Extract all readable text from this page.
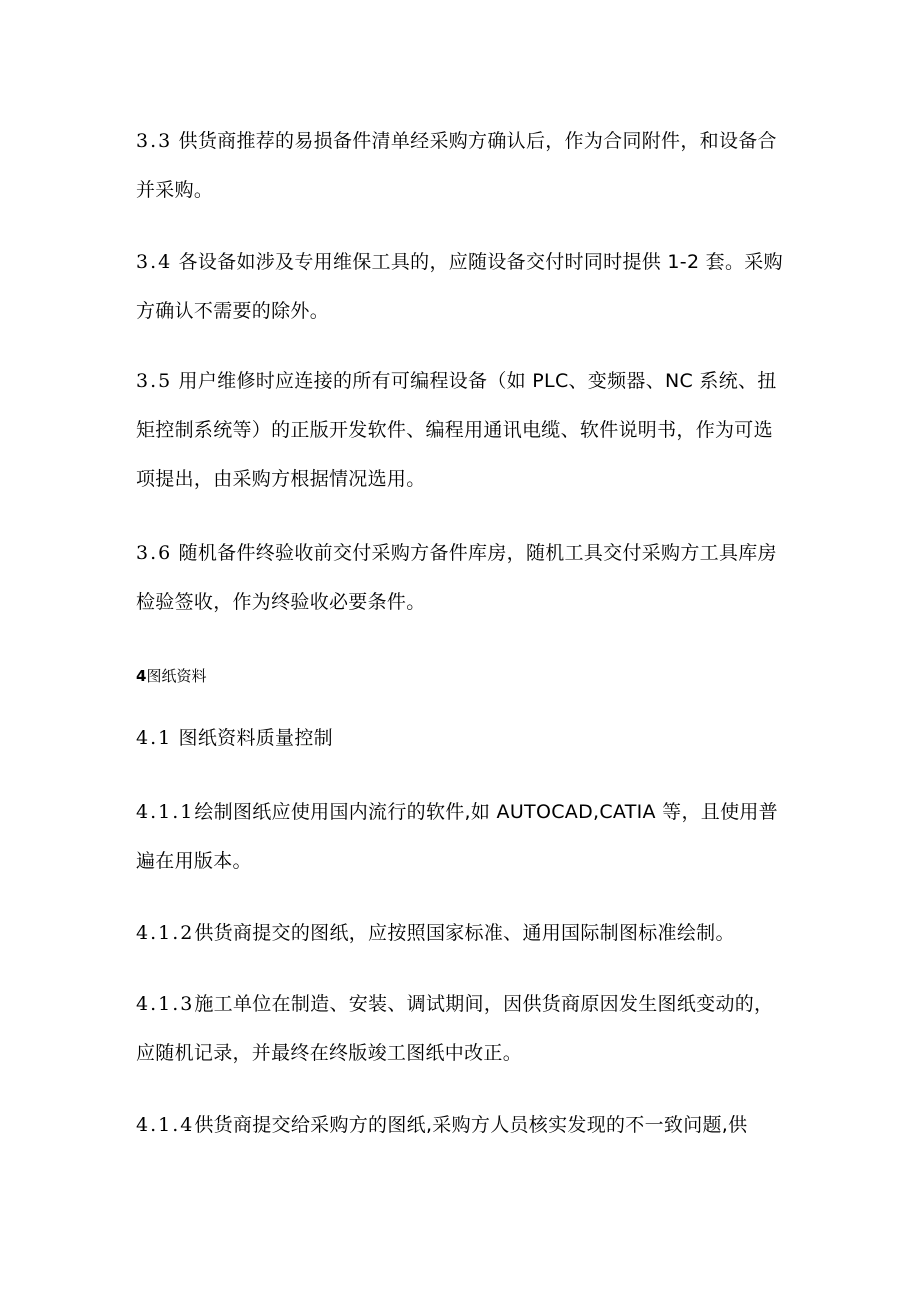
3.3 供货商推荐的易损备件清单经采购方确认后，作为合同附件，和设备合并采购。

3.4 各设备如涉及专用维保工具的，应随设备交付时同时提供 1-2 套。采购方确认不需要的除外。

3.5 用户维修时应连接的所有可编程设备（如 PLC、变频器、NC 系统、扭矩控制系统等）的正版开发软件、编程用通讯电缆、软件说明书，作为可选项提出，由采购方根据情况选用。

3.6 随机备件终验收前交付采购方备件库房，随机工具交付采购方工具库房检验签收，作为终验收必要条件。

4图纸资料

4.1 图纸资料质量控制

4.1.1绘制图纸应使用国内流行的软件,如 AUTOCAD,CATIA 等，且使用普遍在用版本。

4.1.2供货商提交的图纸，应按照国家标准、通用国际制图标准绘制。

4.1.3施工单位在制造、安装、调试期间，因供货商原因发生图纸变动的，应随机记录，并最终在终版竣工图纸中改正。

4.1.4供货商提交给采购方的图纸,采购方人员核实发现的不一致问题,供
